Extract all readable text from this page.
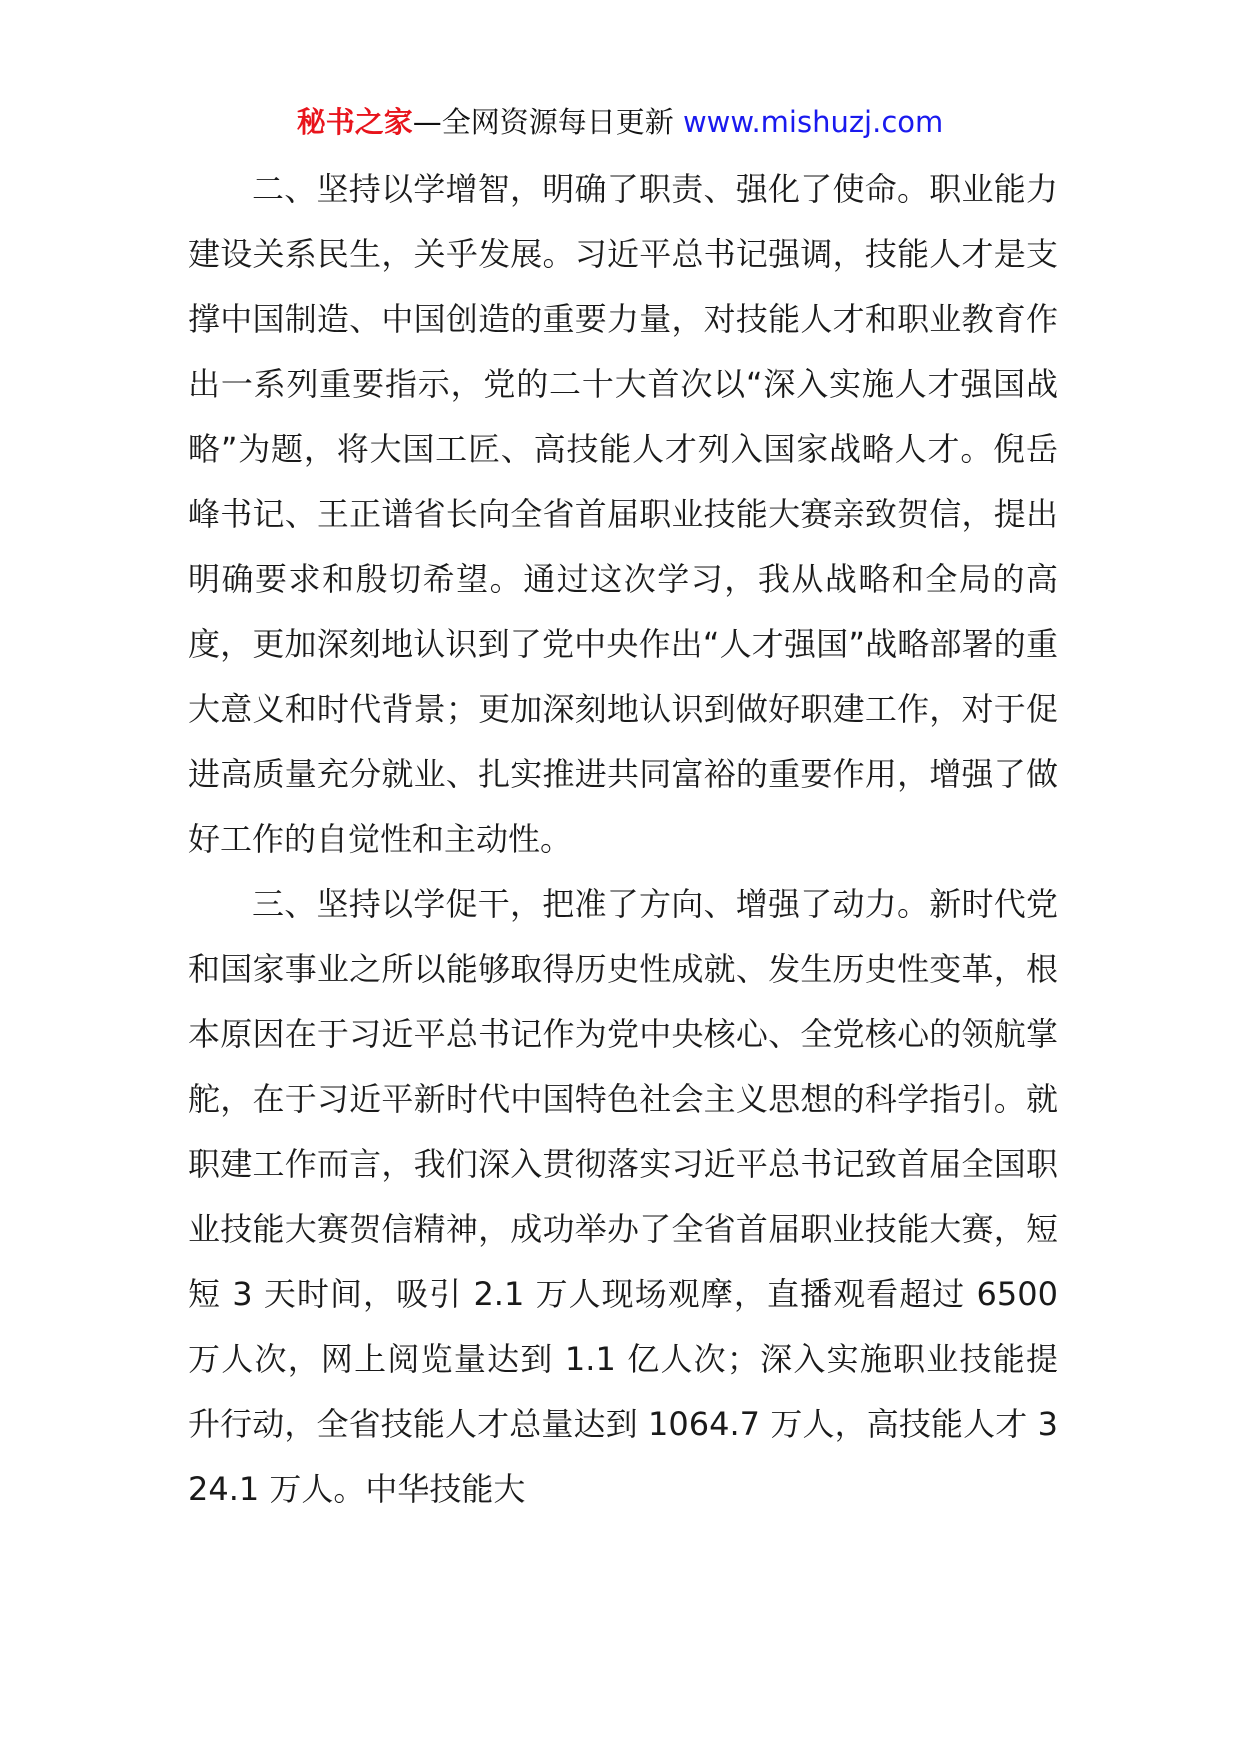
秘书之家—全网资源每日更新 www.mishuzj.com

二、坚持以学增智，明确了职责、强化了使命。职业能力建设关系民生，关乎发展。习近平总书记强调，技能人才是支撑中国制造、中国创造的重要力量，对技能人才和职业教育作出一系列重要指示，党的二十大首次以“深入实施人才强国战略”为题，将大国工匠、高技能人才列入国家战略人才。倪岳峰书记、王正谱省长向全省首届职业技能大赛亲致贺信，提出明确要求和殷切希望。通过这次学习，我从战略和全局的高度，更加深刻地认识到了党中央作出“人才强国”战略部署的重大意义和时代背景；更加深刻地认识到做好职建工作，对于促进高质量充分就业、扎实推进共同富裕的重要作用，增强了做好工作的自觉性和主动性。

三、坚持以学促干，把准了方向、增强了动力。新时代党和国家事业之所以能够取得历史性成就、发生历史性变革，根本原因在于习近平总书记作为党中央核心、全党核心的领航掌舵，在于习近平新时代中国特色社会主义思想的科学指引。就职建工作而言，我们深入贯彻落实习近平总书记致首届全国职业技能大赛贺信精神，成功举办了全省首届职业技能大赛，短短 3 天时间，吸引 2.1 万人现场观摩，直播观看超过 6500 万人次，网上阅览量达到 1.1 亿人次；深入实施职业技能提升行动，全省技能人才总量达到 1064.7 万人，高技能人才 324.1 万人。中华技能大
